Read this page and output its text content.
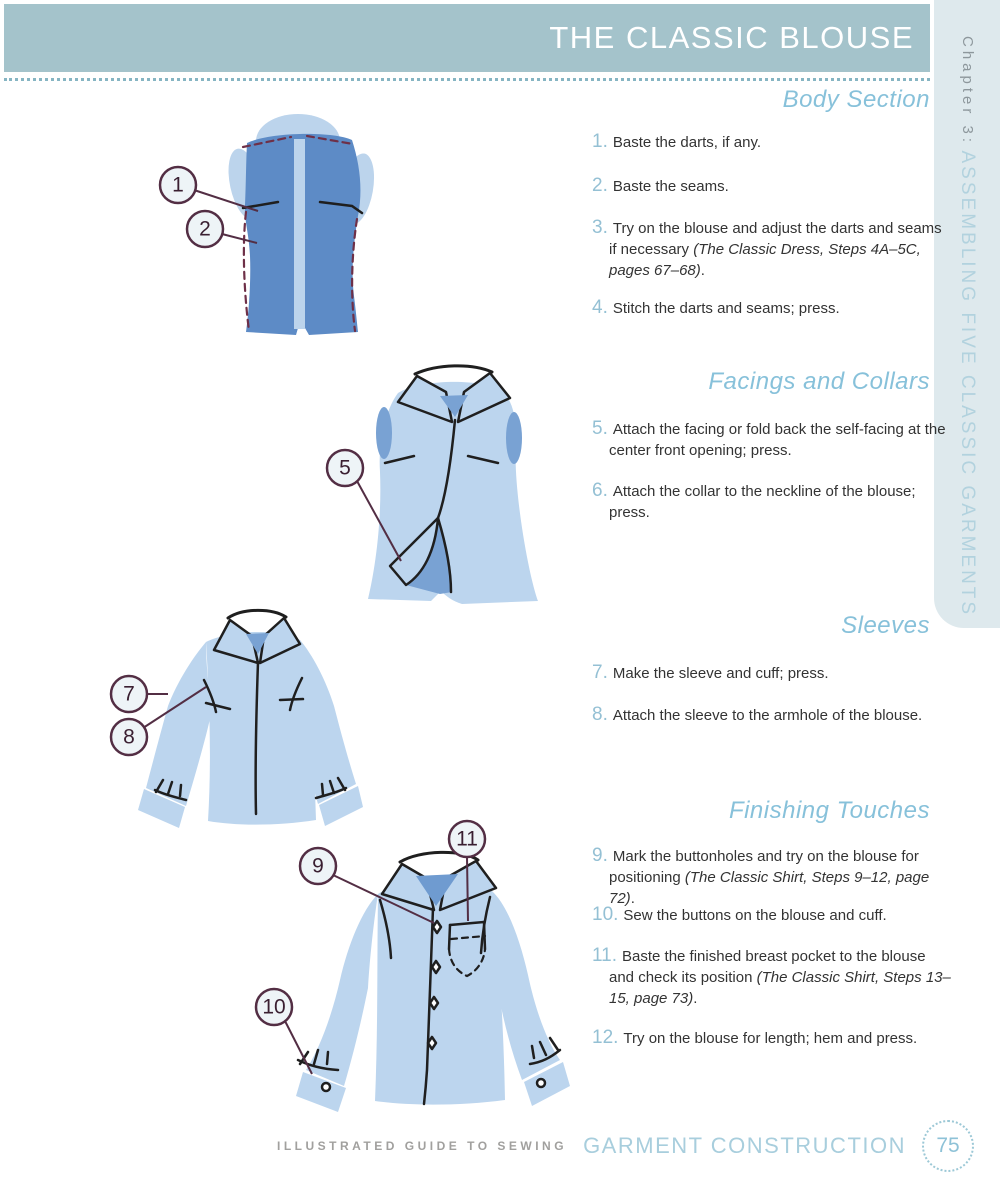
THE CLASSIC BLOUSE	Chapter 3: ASSEMBLING FIVE CLASSIC GARMENTS
Body Section
Facings and Collars
Sleeves
Finishing Touches
1. Baste the darts, if any.
2. Baste the seams.
3. Try on the blouse and adjust the darts and seams if necessary (The Classic Dress, Steps 4A–5C, pages 67–68).
4. Stitch the darts and seams; press.
5. Attach the facing or fold back the self-facing at the center front opening; press.
6. Attach the collar to the neckline of the blouse; press.
7. Make the sleeve and cuff; press.
8. Attach the sleeve to the armhole of the blouse.
9. Mark the buttonholes and try on the blouse for positioning (The Classic Shirt, Steps 9–12, page 72).
10. Sew the buttons on the blouse and cuff.
11. Baste the finished breast pocket to the blouse and check its position (The Classic Shirt, Steps 13–15, page 73).
12. Try on the blouse for length; hem and press.
1
2
5
7
8
9
10
11
ILLUSTRATED GUIDE TO SEWING GARMENT CONSTRUCTION 75
